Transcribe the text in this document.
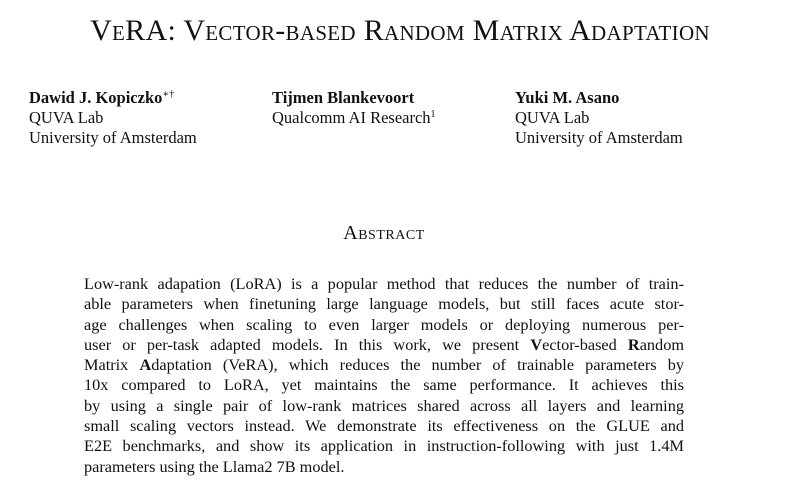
VeRA: Vector-based Random Matrix Adaptation
Dawid J. Kopiczko∗†
QUVA Lab
University of Amsterdam
Tijmen Blankevoort
Qualcomm AI Research$^1$
Yuki M. Asano
QUVA Lab
University of Amsterdam
Abstract
Low-rank adapation (LoRA) is a popular method that reduces the number of train-
able parameters when finetuning large language models, but still faces acute stor-
age challenges when scaling to even larger models or deploying numerous per-
user or per-task adapted models. In this work, we present Vector-based Random
Matrix Adaptation (VeRA), which reduces the number of trainable parameters by
10x compared to LoRA, yet maintains the same performance. It achieves this
by using a single pair of low-rank matrices shared across all layers and learning
small scaling vectors instead. We demonstrate its effectiveness on the GLUE and
E2E benchmarks, and show its application in instruction-following with just 1.4M
parameters using the Llama2 7B model.
